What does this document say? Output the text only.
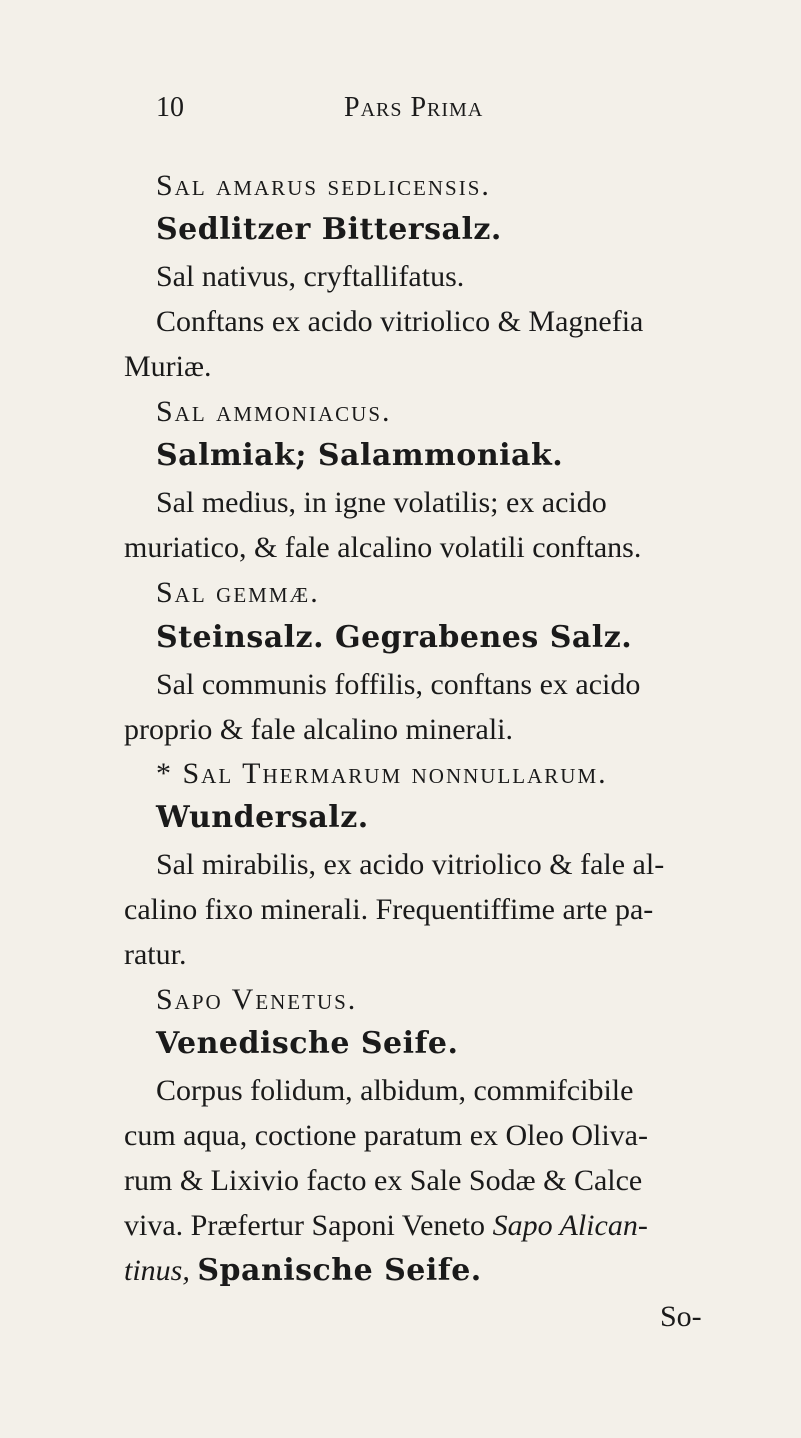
10	Pars Prima
Sal amarus sedlicensis.
Sedlitzer Bittersalz.
Sal nativus, cryftallifatus.
Conftans ex acido vitriolico & Magnefia
Muriæ.
Sal ammoniacus.
Salmiak; Salammoniak.
Sal medius, in igne volatilis; ex acido
muriatico, & fale alcalino volatili conftans.
Sal gemmæ.
Steinsalz. Gegrabenes Salz.
Sal communis foffilis, conftans ex acido
proprio & fale alcalino minerali.
* Sal Thermarum nonnullarum.
Wundersalz.
Sal mirabilis, ex acido vitriolico & fale al-
calino fixo minerali. Frequentiffime arte pa-
ratur.
Sapo Venetus.
Venedische Seife.
Corpus folidum, albidum, commifcibile
cum aqua, coctione paratum ex Oleo Oliva-
rum & Lixivio facto ex Sale Sodæ & Calce
viva. Præfertur Saponi Veneto Sapo Alican-
tinus, Spanische Seife.
So-
